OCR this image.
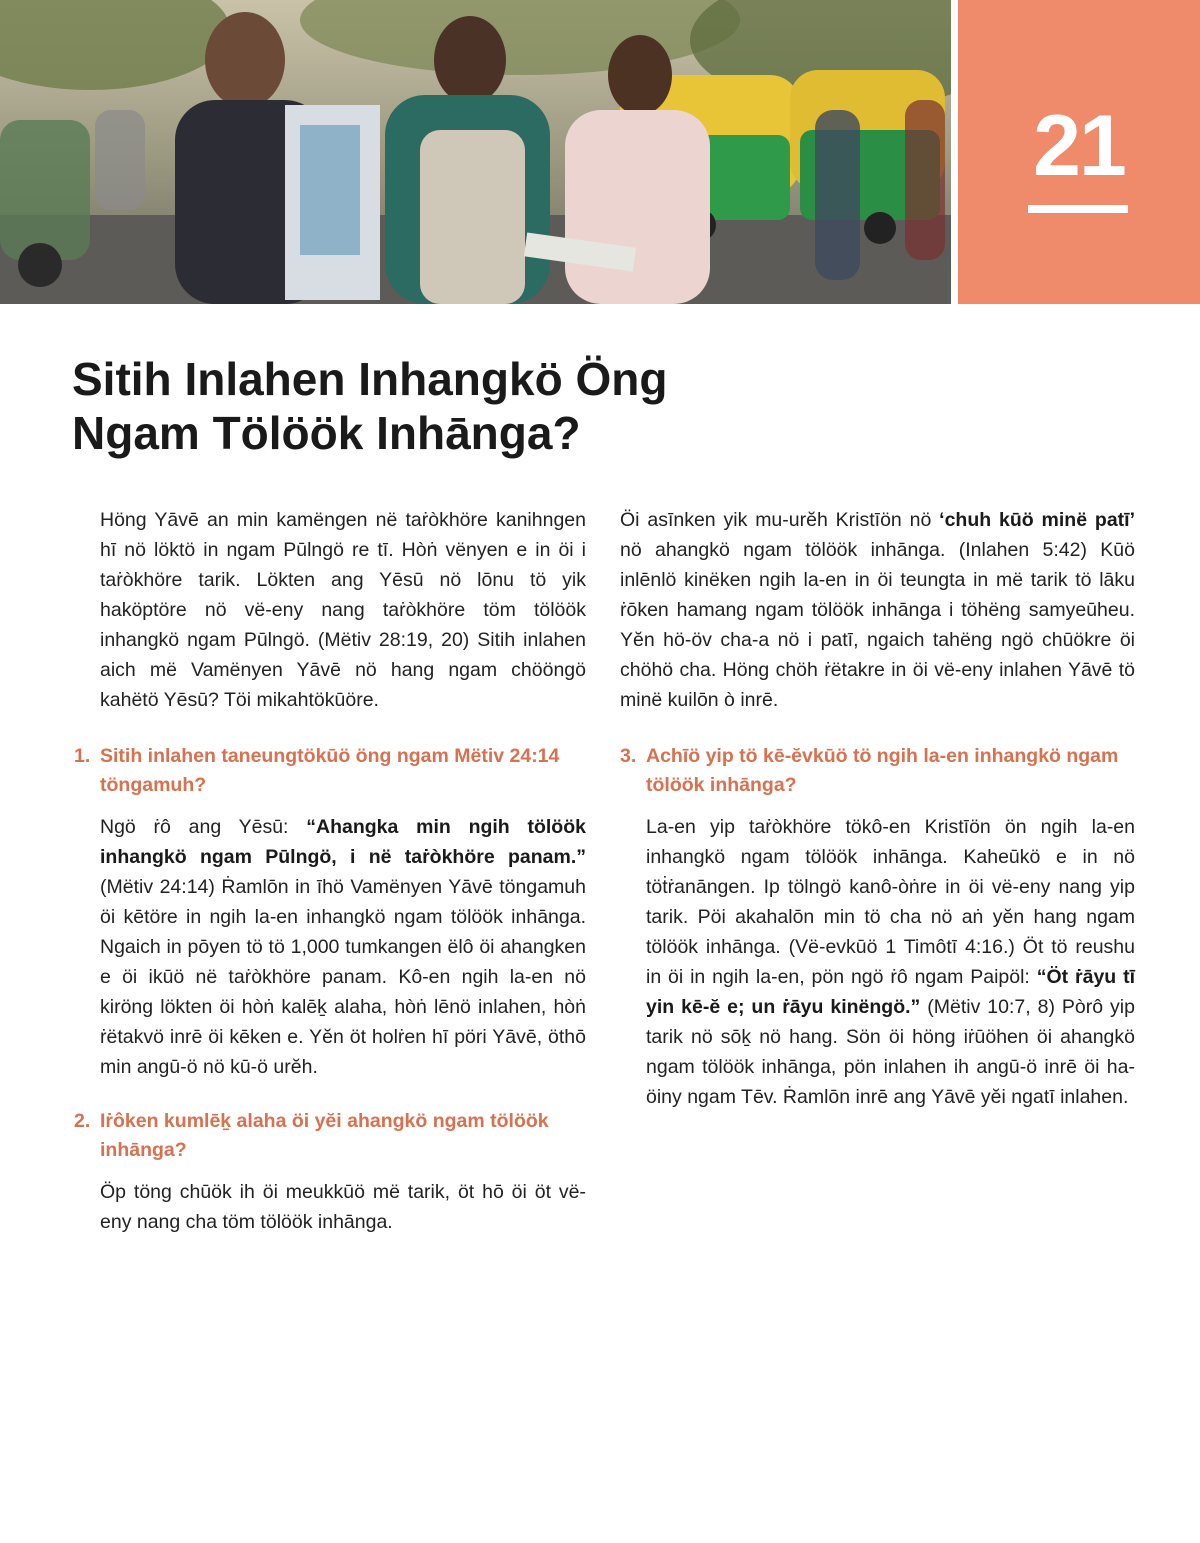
21
Sitih Inlahen Inhangkö Öng
Ngam Tölöök Inhānga?

Höng Yāvē an min kamëngen në taṙòkhöre kanihngen hī nö löktö in ngam Pūlngö re tī. Hòṅ vënyen e in öi i taṙòkhöre tarik. Lökten ang Yēsū nö lōnu tö yik haköptöre nö vë-eny nang taṙòkhöre töm tölöök inhangkö ngam Pūlngö. (Mëtiv 28:19, 20) Sitih inlahen aich më Vamënyen Yāvē nö hang ngam chööngö kahëtö Yēsū? Töi mikahtökūöre.

1. Sitih inlahen taneungtökūö öng ngam Mëtiv 24:14 töngamuh?

Ngö ṙô ang Yēsū: “Ahangka min ngih tölöök inhangkö ngam Pūlngö, i në taṙòkhöre panam.” (Mëtiv 24:14) Ṙamlōn in īhö Vamënyen Yāvē töngamuh öi kētöre in ngih la-en inhangkö ngam tölöök inhānga. Ngaich in pōyen tö tö 1,000 tumkangen ëlô öi ahangken e öi ikūö në taṙòkhöre panam. Kô-en ngih la-en nö kiröng lökten öi hòṅ kalēḵ alaha, hòṅ lēnö inlahen, hòṅ ṙëtakvö inrē öi kēken e. Yĕn öt holṙen hī pöri Yāvē, öthō min angū-ö nö kū-ö urĕh.

2. Iṙôken kumlēḵ alaha öi yĕi ahangkö ngam tölöök inhānga?

Öp töng chūök ih öi meukkūö më tarik, öt hō öi öt vë-eny nang cha töm tölöök inhānga.

Öi asīnken yik mu-urĕh Kristīön nö ‘chuh kūö minë patī’ nö ahangkö ngam tölöök inhānga. (Inlahen 5:42) Kūö inlēnlö kinëken ngih la-en in öi teungta in më tarik tö lāku ṙōken hamang ngam tölöök inhānga i töhëng samyeūheu. Yĕn hö-öv cha-a nö i patī, ngaich tahëng ngö chūökre öi chöhö cha. Höng chöh ṙëtakre in öi vë-eny inlahen Yāvē tö minë kuilōn ò inrē.

3. Achīö yip tö kē-ĕvkūö tö ngih la-en inhangkö ngam tölöök inhānga?

La-en yip taṙòkhöre tökô-en Kristīön ön ngih la-en inhangkö ngam tölöök inhānga. Kaheūkö e in nö töṫṙanāngen. Ip tölngö kanô-òṅre in öi vë-eny nang yip tarik. Pöi akahalōn min tö cha nö aṅ yĕn hang ngam tölöök inhānga. (Vë-evkūö 1 Timôtī 4:16.) Öt tö reushu in öi in ngih la-en, pön ngö ṙô ngam Paipöl: “Öt ṙāyu tī yin kē-ĕ e; un ṙāyu kinëngö.” (Mëtiv 10:7, 8) Pòrô yip tarik nö sōḵ nö hang. Sön öi höng iṙūöhen öi ahangkö ngam tölöök inhānga, pön inlahen ih angū-ö inrē öi ha-öiny ngam Tēv. Ṙamlōn inrē ang Yāvē yĕi ngatī inlahen.
